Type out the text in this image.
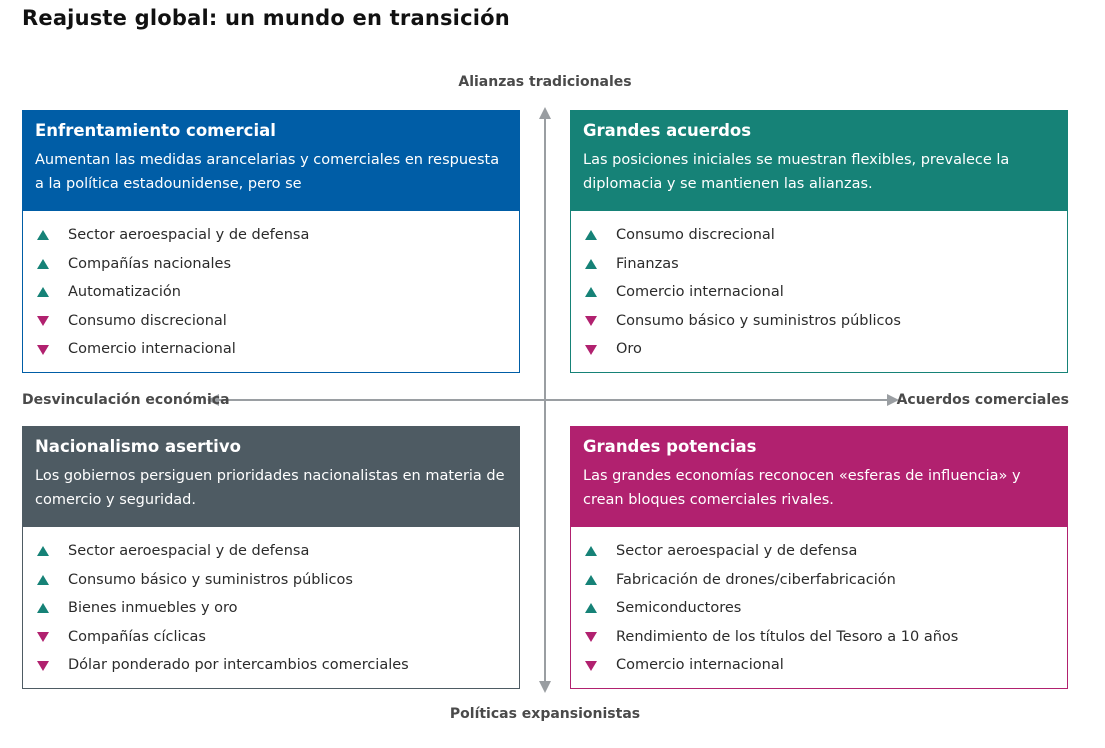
Reajuste global: un mundo en transición
Alianzas tradicionales
Políticas expansionistas
Desvinculación económica	Acuerdos comerciales
Enfrentamiento comercial
Aumentan las medidas arancelarias y comerciales en respuesta a la política estadounidense, pero se
Sector aeroespacial y de defensa
Compañías nacionales
Automatización
Consumo discrecional
Comercio internacional
Grandes acuerdos
Las posiciones iniciales se muestran flexibles, prevalece la diplomacia y se mantienen las alianzas.
Consumo discrecional
Finanzas
Comercio internacional
Consumo básico y suministros públicos
Oro
Nacionalismo asertivo
Los gobiernos persiguen prioridades nacionalistas en materia de comercio y seguridad.
Sector aeroespacial y de defensa
Consumo básico y suministros públicos
Bienes inmuebles y oro
Compañías cíclicas
Dólar ponderado por intercambios comerciales
Grandes potencias
Las grandes economías reconocen «esferas de influencia» y crean bloques comerciales rivales.
Sector aeroespacial y de defensa
Fabricación de drones/ciberfabricación
Semiconductores
Rendimiento de los títulos del Tesoro a 10 años
Comercio internacional
